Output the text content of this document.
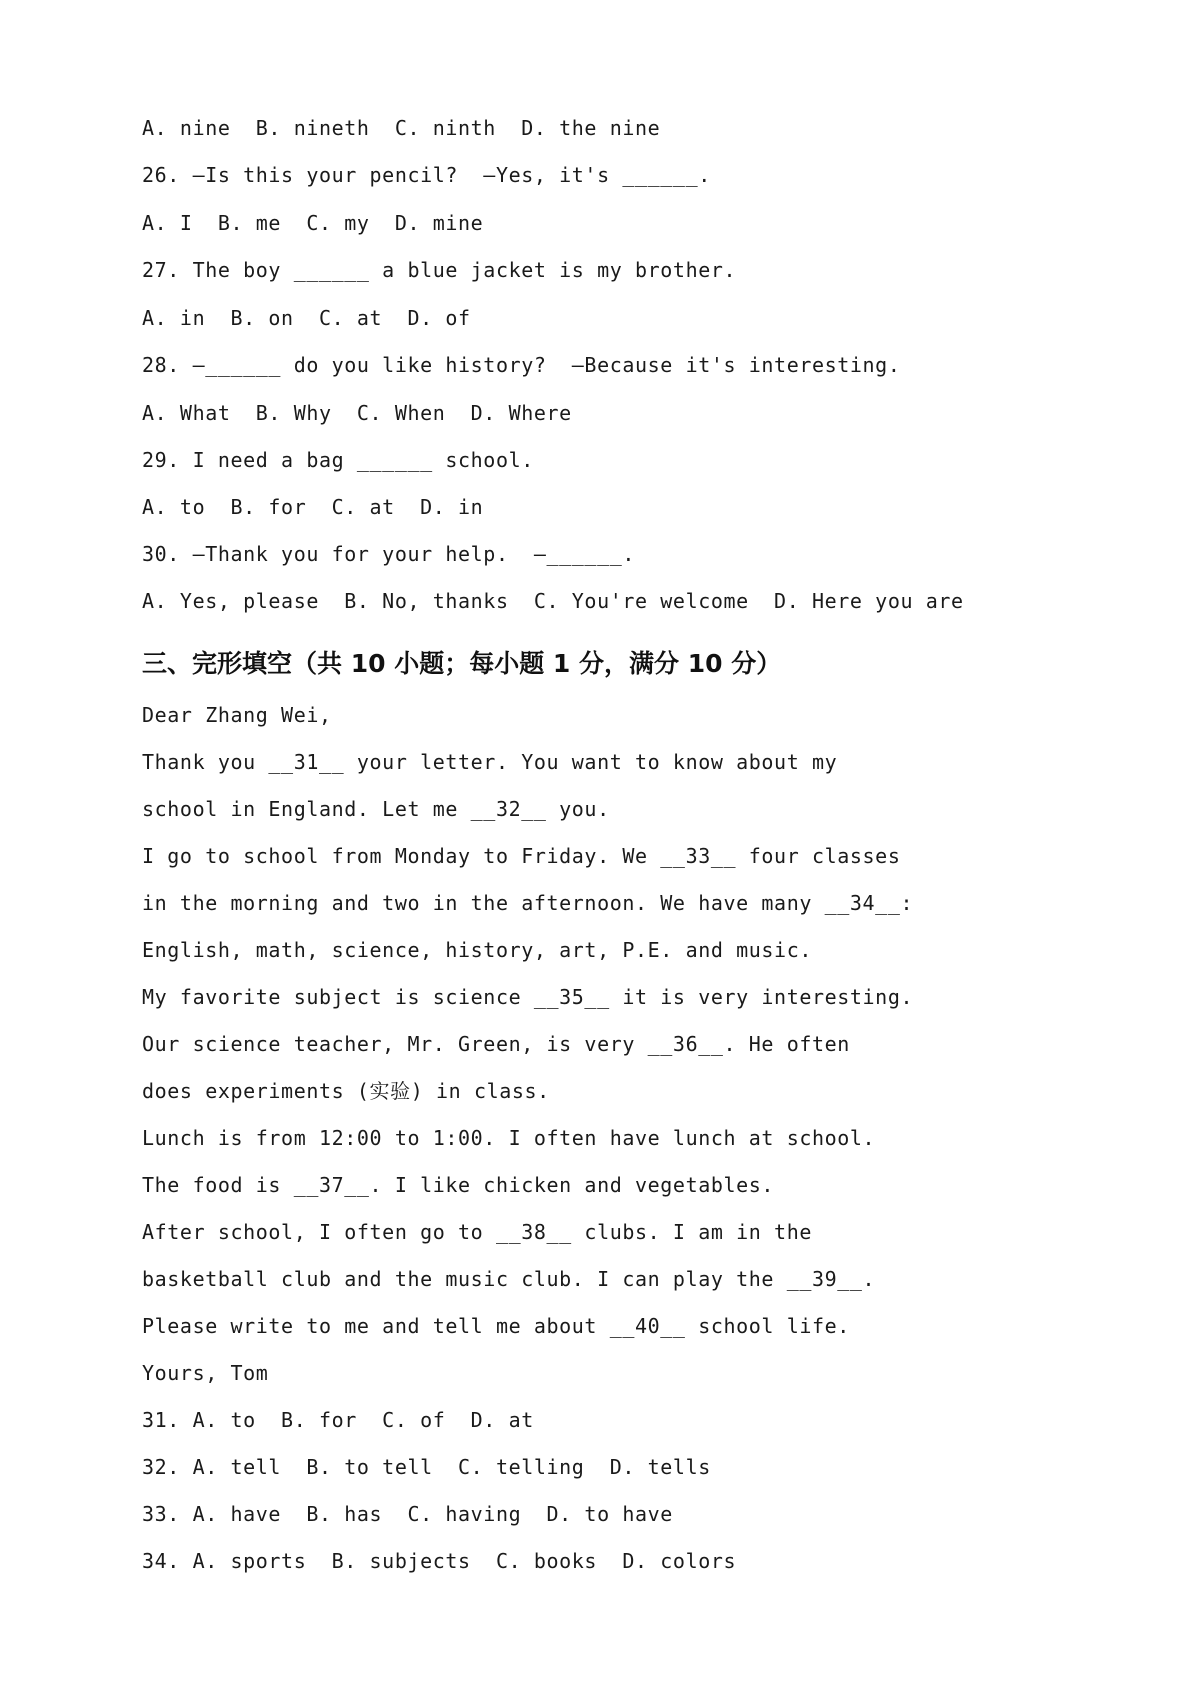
A. nine  B. nineth  C. ninth  D. the nine
26. —Is this your pencil?  —Yes, it's ______.
A. I  B. me  C. my  D. mine
27. The boy ______ a blue jacket is my brother.
A. in  B. on  C. at  D. of
28. —______ do you like history?  —Because it's interesting.
A. What  B. Why  C. When  D. Where
29. I need a bag ______ school.
A. to  B. for  C. at  D. in
30. —Thank you for your help.  —______.
A. Yes, please  B. No, thanks  C. You're welcome  D. Here you are
三、完形填空（共 10 小题；每小题 1 分，满分 10 分）
Dear Zhang Wei,
Thank you __31__ your letter. You want to know about my
school in England. Let me __32__ you.
I go to school from Monday to Friday. We __33__ four classes
in the morning and two in the afternoon. We have many __34__:
English, math, science, history, art, P.E. and music.
My favorite subject is science __35__ it is very interesting.
Our science teacher, Mr. Green, is very __36__. He often
does experiments (实验) in class.
Lunch is from 12:00 to 1:00. I often have lunch at school.
The food is __37__. I like chicken and vegetables.
After school, I often go to __38__ clubs. I am in the
basketball club and the music club. I can play the __39__.
Please write to me and tell me about __40__ school life.
Yours, Tom
31. A. to  B. for  C. of  D. at
32. A. tell  B. to tell  C. telling  D. tells
33. A. have  B. has  C. having  D. to have
34. A. sports  B. subjects  C. books  D. colors
